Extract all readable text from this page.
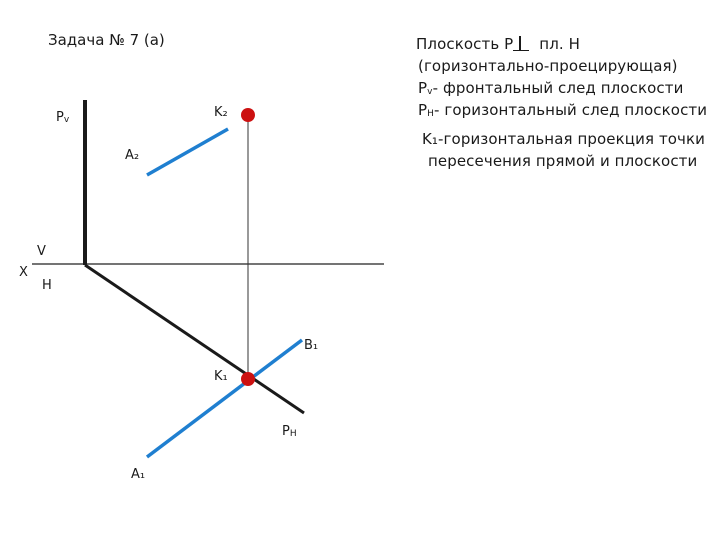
Задача № 7 (а)	Плоскость P пл. H
(горизонтально-проецирующая)
Pv- фронтальный след плоскости
PH- горизонтальный след плоскости
K₁-горизонтальная проекция точки
пересечения прямой и плоскости
Pv	K₂
A₂
V
X
H
B₁
K₁
PH
A₁
